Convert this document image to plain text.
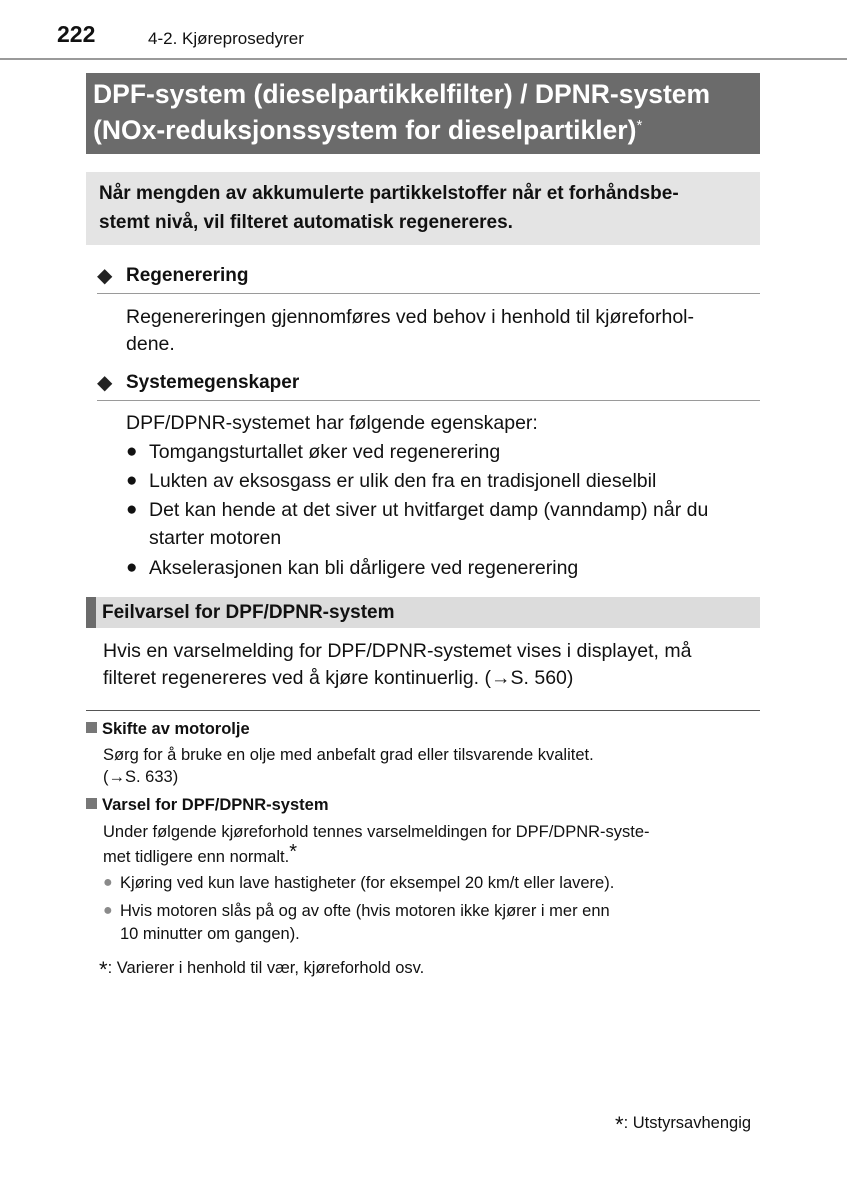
222	4-2. Kjøreprosedyrer
DPF-system (dieselpartikkelfilter) / DPNR-system
(NOx-reduksjonssystem for dieselpartikler)*
Når mengden av akkumulerte partikkelstoffer når et forhåndsbe-
stemt nivå, vil filteret automatisk regenereres.
◆ Regenerering
Regenereringen gjennomføres ved behov i henhold til kjøreforhol-
dene.
◆ Systemegenskaper
DPF/DPNR-systemet har følgende egenskaper:
● Tomgangsturtallet øker ved regenerering
● Lukten av eksosgass er ulik den fra en tradisjonell dieselbil
● Det kan hende at det siver ut hvitfarget damp (vanndamp) når du
starter motoren
● Akselerasjonen kan bli dårligere ved regenerering
Feilvarsel for DPF/DPNR-system
Hvis en varselmelding for DPF/DPNR-systemet vises i displayet, må
filteret regenereres ved å kjøre kontinuerlig. (→S. 560)
Skifte av motorolje
Sørg for å bruke en olje med anbefalt grad eller tilsvarende kvalitet.
(→S. 633)
Varsel for DPF/DPNR-system
Under følgende kjøreforhold tennes varselmeldingen for DPF/DPNR-syste-
met tidligere enn normalt.*
● Kjøring ved kun lave hastigheter (for eksempel 20 km/t eller lavere).
● Hvis motoren slås på og av ofte (hvis motoren ikke kjører i mer enn
10 minutter om gangen).
*: Varierer i henhold til vær, kjøreforhold osv.
*: Utstyrsavhengig
